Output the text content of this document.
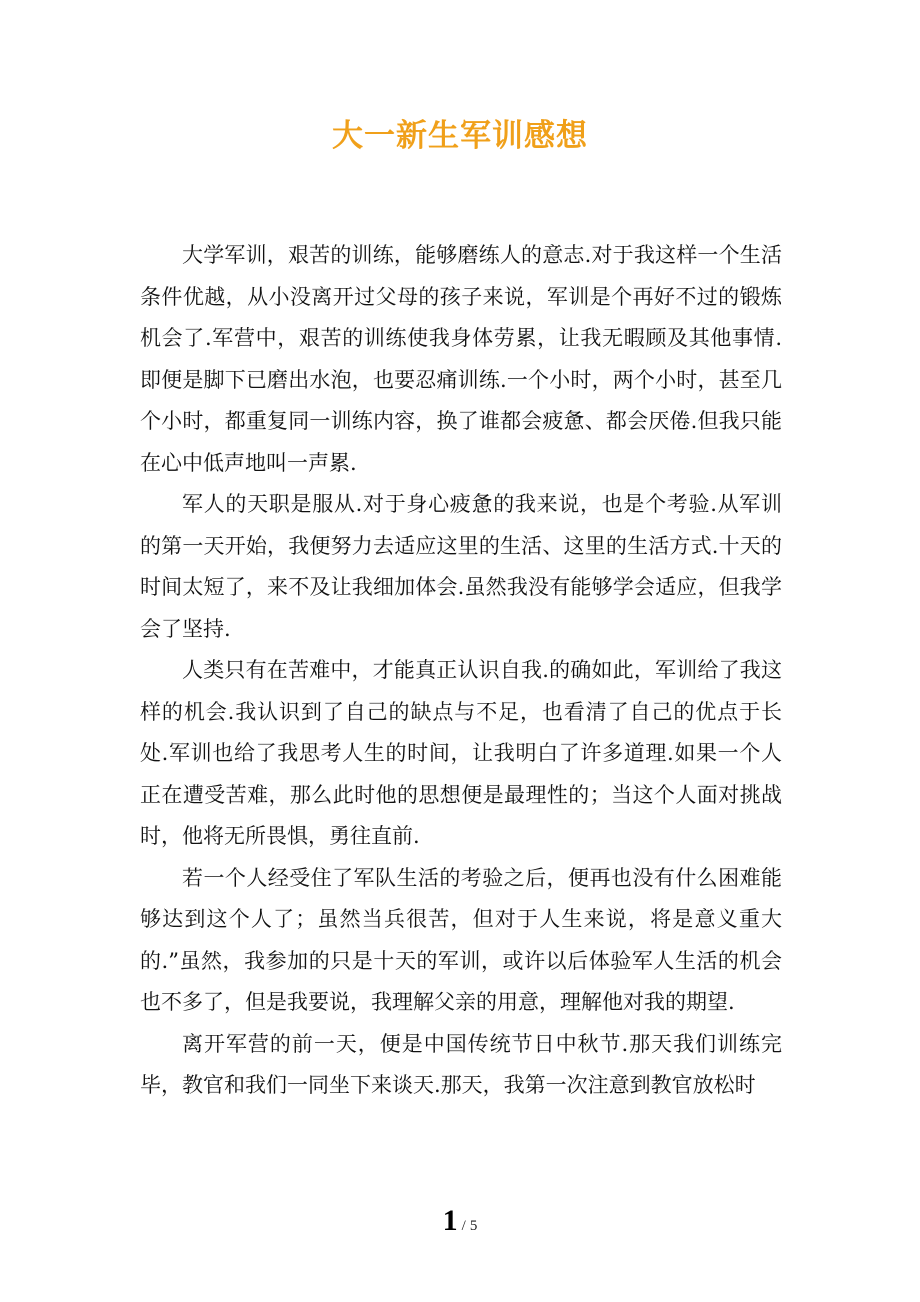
大一新生军训感想

大学军训，艰苦的训练，能够磨练人的意志.对于我这样一个生活条件优越，从小没离开过父母的孩子来说，军训是个再好不过的锻炼机会了.军营中，艰苦的训练使我身体劳累，让我无暇顾及其他事情.即便是脚下已磨出水泡，也要忍痛训练.一个小时，两个小时，甚至几个小时，都重复同一训练内容，换了谁都会疲惫、都会厌倦.但我只能在心中低声地叫一声累.

军人的天职是服从.对于身心疲惫的我来说，也是个考验.从军训的第一天开始，我便努力去适应这里的生活、这里的生活方式.十天的时间太短了，来不及让我细加体会.虽然我没有能够学会适应，但我学会了坚持.

人类只有在苦难中，才能真正认识自我.的确如此，军训给了我这样的机会.我认识到了自己的缺点与不足，也看清了自己的优点于长处.军训也给了我思考人生的时间，让我明白了许多道理.如果一个人正在遭受苦难，那么此时他的思想便是最理性的；当这个人面对挑战时，他将无所畏惧，勇往直前.

若一个人经受住了军队生活的考验之后，便再也没有什么困难能够达到这个人了；虽然当兵很苦，但对于人生来说，将是意义重大的.”虽然，我参加的只是十天的军训，或许以后体验军人生活的机会也不多了，但是我要说，我理解父亲的用意，理解他对我的期望.

离开军营的前一天，便是中国传统节日中秋节.那天我们训练完毕，教官和我们一同坐下来谈天.那天，我第一次注意到教官放松时

1 / 5
